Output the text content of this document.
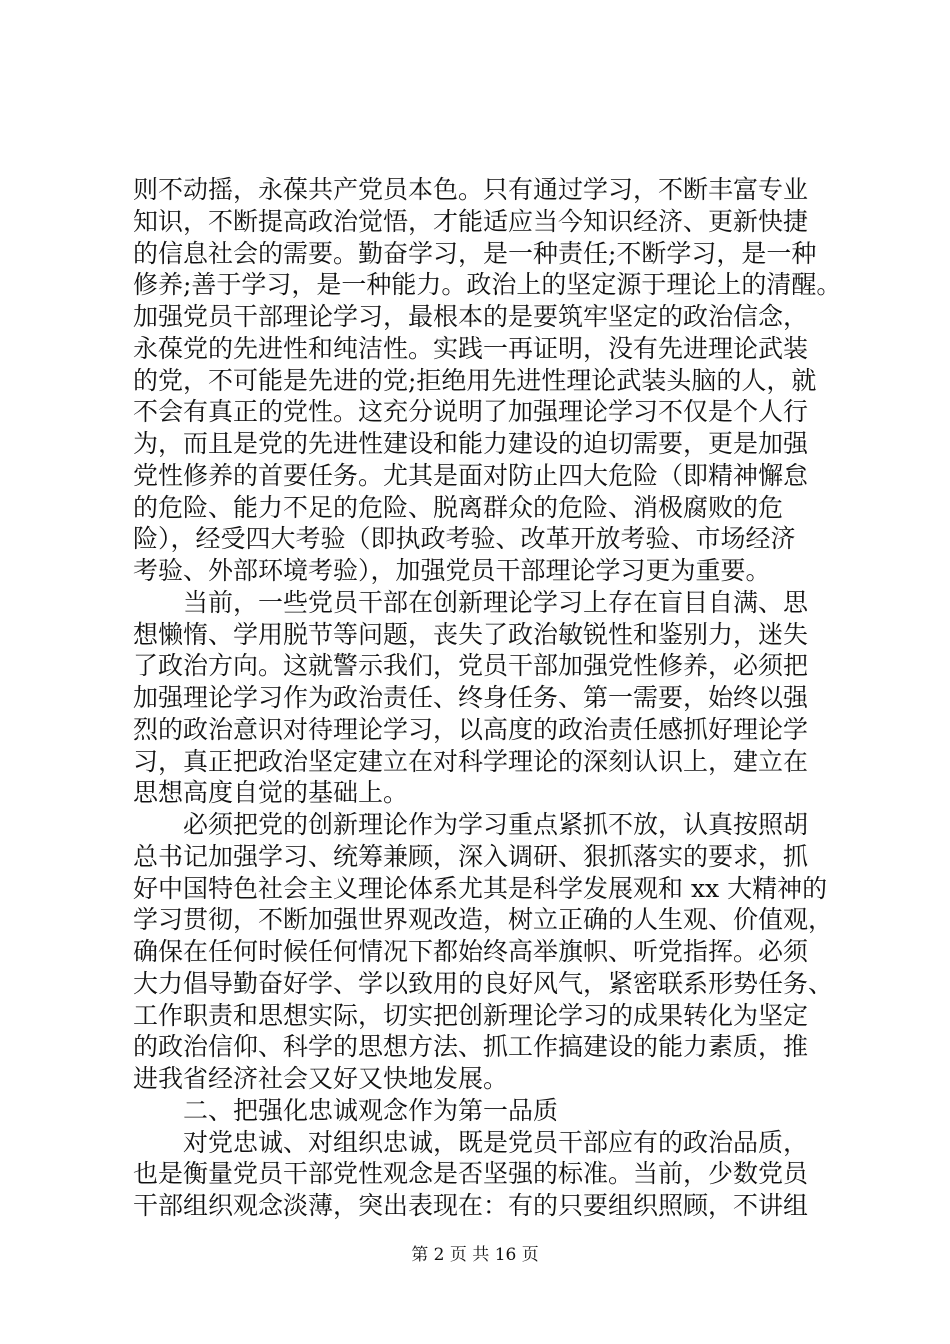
则不动摇，永葆共产党员本色。只有通过学习，不断丰富专业
知识，不断提高政治觉悟，才能适应当今知识经济、更新快捷
的信息社会的需要。勤奋学习，是一种责任;不断学习，是一种
修养;善于学习，是一种能力。政治上的坚定源于理论上的清醒。
加强党员干部理论学习，最根本的是要筑牢坚定的政治信念，
永葆党的先进性和纯洁性。实践一再证明，没有先进理论武装
的党，不可能是先进的党;拒绝用先进性理论武装头脑的人，就
不会有真正的党性。这充分说明了加强理论学习不仅是个人行
为，而且是党的先进性建设和能力建设的迫切需要，更是加强
党性修养的首要任务。尤其是面对防止四大危险（即精神懈怠
的危险、能力不足的危险、脱离群众的危险、消极腐败的危
险），经受四大考验（即执政考验、改革开放考验、市场经济
考验、外部环境考验），加强党员干部理论学习更为重要。
当前，一些党员干部在创新理论学习上存在盲目自满、思
想懒惰、学用脱节等问题，丧失了政治敏锐性和鉴别力，迷失
了政治方向。这就警示我们，党员干部加强党性修养，必须把
加强理论学习作为政治责任、终身任务、第一需要，始终以强
烈的政治意识对待理论学习，以高度的政治责任感抓好理论学
习，真正把政治坚定建立在对科学理论的深刻认识上，建立在
思想高度自觉的基础上。
必须把党的创新理论作为学习重点紧抓不放，认真按照胡
总书记加强学习、统筹兼顾，深入调研、狠抓落实的要求，抓
好中国特色社会主义理论体系尤其是科学发展观和 xx 大精神的
学习贯彻，不断加强世界观改造，树立正确的人生观、价值观，
确保在任何时候任何情况下都始终高举旗帜、听党指挥。必须
大力倡导勤奋好学、学以致用的良好风气，紧密联系形势任务、
工作职责和思想实际，切实把创新理论学习的成果转化为坚定
的政治信仰、科学的思想方法、抓工作搞建设的能力素质，推
进我省经济社会又好又快地发展。
二、把强化忠诚观念作为第一品质
对党忠诚、对组织忠诚，既是党员干部应有的政治品质，
也是衡量党员干部党性观念是否坚强的标准。当前，少数党员
干部组织观念淡薄，突出表现在：有的只要组织照顾，不讲组
第 2 页 共 16 页
